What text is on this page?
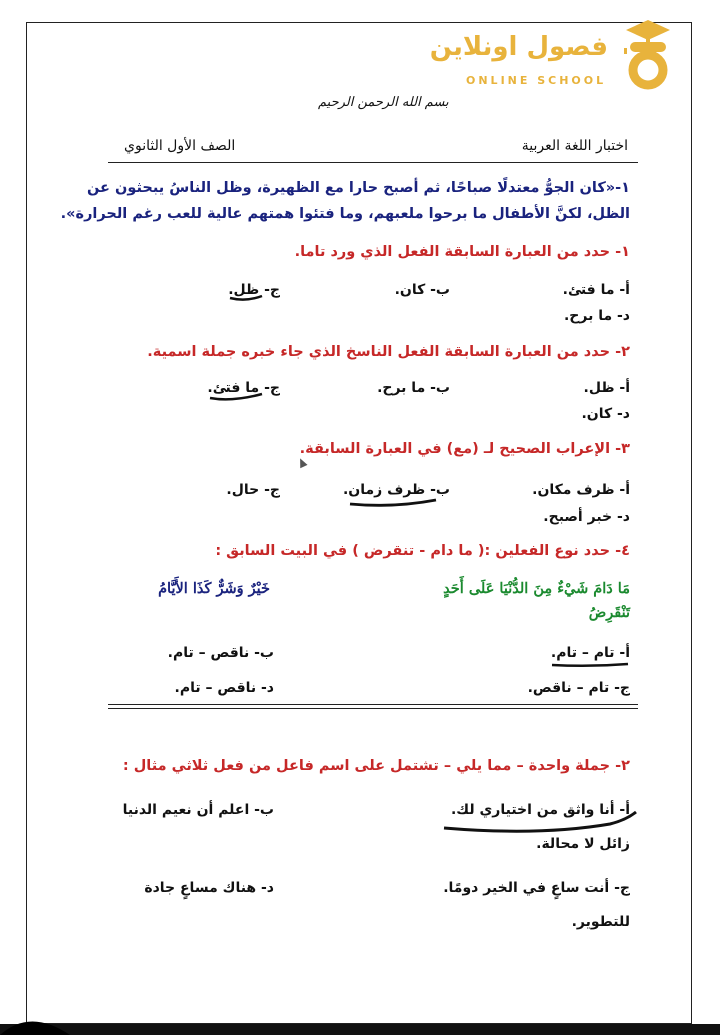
فصول اونلاين
ONLINE SCHOOL
بسم الله الرحمن الرحيم
اختبار اللغة العربية
الصف الأول الثانوي
١-«كان الجوُّ معتدلًا صباحًا، ثم أصبح حارا مع الظهيرة، وظل الناسُ يبحثون عن
الظل، لكنَّ الأطفال ما برحوا ملعبهم، وما فتئوا همتهم عالية للعب رغم الحرارة».
١- حدد من العبارة السابقة الفعل الذي ورد تاما.
أ- ما فتئ.
ب- كان.
ج- ظل.
د- ما برح.
٢- حدد من العبارة السابقة الفعل الناسخ الذي جاء خبره جملة اسمية.
أ- ظل.
ب- ما برح.
ج- ما فتئ.
د- كان.
٣- الإعراب الصحيح لـ (مع) في العبارة السابقة.
أ- ظرف مكان.
ب- ظرف زمان.
ج- حال.
د- خبر أصبح.
٤- حدد نوع الفعلين :( ما دام - تنقرض ) في البيت السابق :
مَا دَامَ شَيْءٌ مِنَ الدُّنْيَا عَلَى أَحَدٍ
خَيْرٌ وَشَرٌّ كَذَا الأَيَّامُ
تَنْقَرِضُ
أ- تام – تام.
ب- ناقص – تام.
ج- تام – ناقص.
د- ناقص – تام.
٢- جملة واحدة – مما يلي – تشتمل على اسم فاعل من فعل ثلاثي مثال :
أ- أنا واثق من اختياري لك.
ب- اعلم أن نعيم الدنيا
زائل لا محالة.
ج- أنت ساعٍ في الخير دومًا.
د- هناك مساعٍ جادة
للتطوير.
